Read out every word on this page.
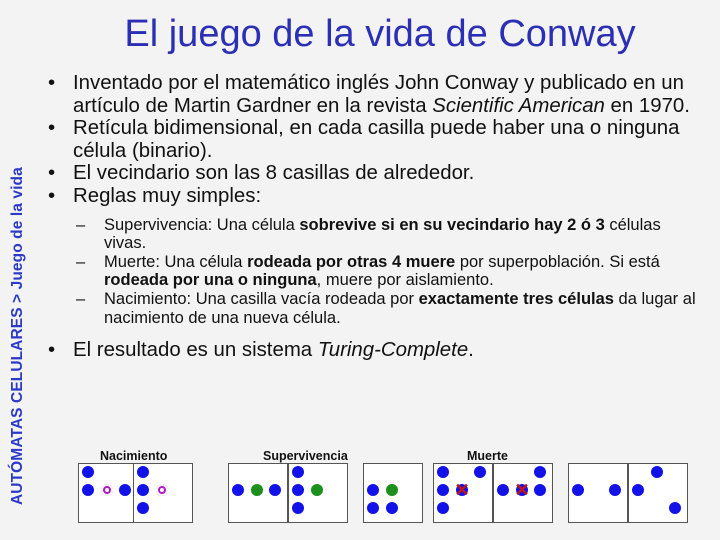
AUTÓMATAS CELULARES > Juego de la vida
El juego de la vida de Conway
• Inventado por el matemático inglés John Conway y publicado en un artículo de Martin Gardner en la revista Scientific American en 1970.
• Retícula bidimensional, en cada casilla puede haber una o ninguna célula (binario).
• El vecindario son las 8 casillas de alrededor.
• Reglas muy simples:
– Supervivencia: Una célula sobrevive si en su vecindario hay 2 ó 3 células vivas.
– Muerte: Una célula rodeada por otras 4 muere por superpoblación. Si está rodeada por una o ninguna, muere por aislamiento.
– Nacimiento: Una casilla vacía rodeada por exactamente tres células da lugar al nacimiento de una nueva célula.
• El resultado es un sistema Turing-Complete.
Nacimiento	Supervivencia	Muerte
✕ ✕
